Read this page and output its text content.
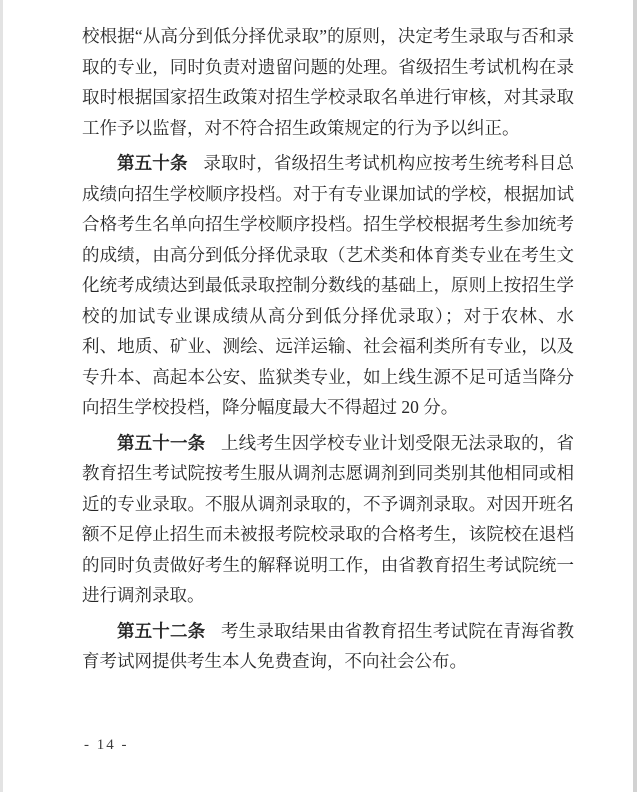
校根据“从高分到低分择优录取”的原则，决定考生录取与否和录取的专业，同时负责对遗留问题的处理。省级招生考试机构在录取时根据国家招生政策对招生学校录取名单进行审核，对其录取工作予以监督，对不符合招生政策规定的行为予以纠正。

第五十条 录取时，省级招生考试机构应按考生统考科目总成绩向招生学校顺序投档。对于有专业课加试的学校，根据加试合格考生名单向招生学校顺序投档。招生学校根据考生参加统考的成绩，由高分到低分择优录取（艺术类和体育类专业在考生文化统考成绩达到最低录取控制分数线的基础上，原则上按招生学校的加试专业课成绩从高分到低分择优录取）；对于农林、水利、地质、矿业、测绘、远洋运输、社会福利类所有专业，以及专升本、高起本公安、监狱类专业，如上线生源不足可适当降分向招生学校投档，降分幅度最大不得超过 20 分。

第五十一条 上线考生因学校专业计划受限无法录取的，省教育招生考试院按考生服从调剂志愿调剂到同类别其他相同或相近的专业录取。不服从调剂录取的，不予调剂录取。对因开班名额不足停止招生而未被报考院校录取的合格考生，该院校在退档的同时负责做好考生的解释说明工作，由省教育招生考试院统一进行调剂录取。

第五十二条 考生录取结果由省教育招生考试院在青海省教育考试网提供考生本人免费查询，不向社会公布。

- 14 -
